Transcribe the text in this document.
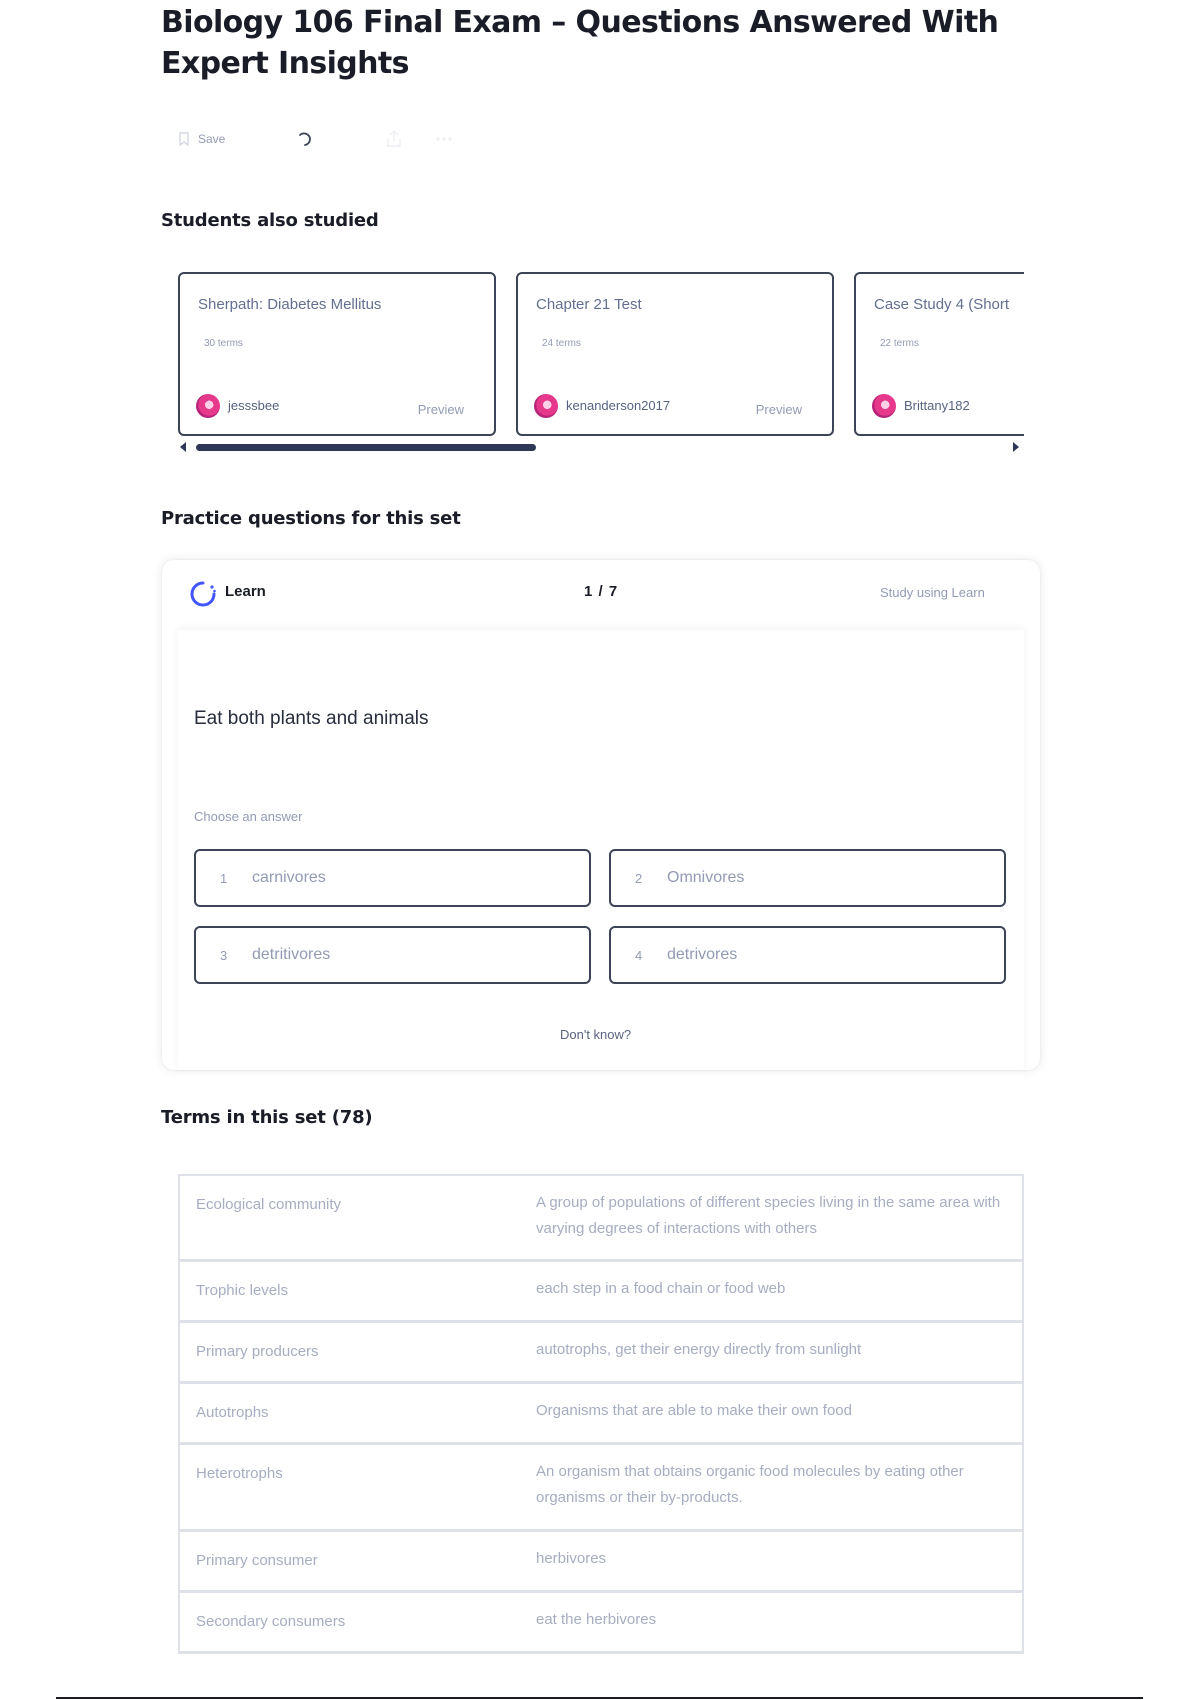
Biology 106 Final Exam – Questions Answered With Expert Insights
Save
Students also studied
Sherpath: Diabetes Mellitus
30 terms
jesssbee	Preview
Chapter 21 Test
24 terms
kenanderson2017	Preview
Case Study 4 (Short
22 terms
Brittany182
Practice questions for this set
Learn	1 / 7	Study using Learn
Eat both plants and animals
Choose an answer
1	carnivores	2	Omnivores
3	detritivores	4	detrivores
Don't know?
Terms in this set (78)
Ecological community	A group of populations of different species living in the same area with varying degrees of interactions with others
Trophic levels	each step in a food chain or food web
Primary producers	autotrophs, get their energy directly from sunlight
Autotrophs	Organisms that are able to make their own food
Heterotrophs	An organism that obtains organic food molecules by eating other organisms or their by-products.
Primary consumer	herbivores
Secondary consumers	eat the herbivores
